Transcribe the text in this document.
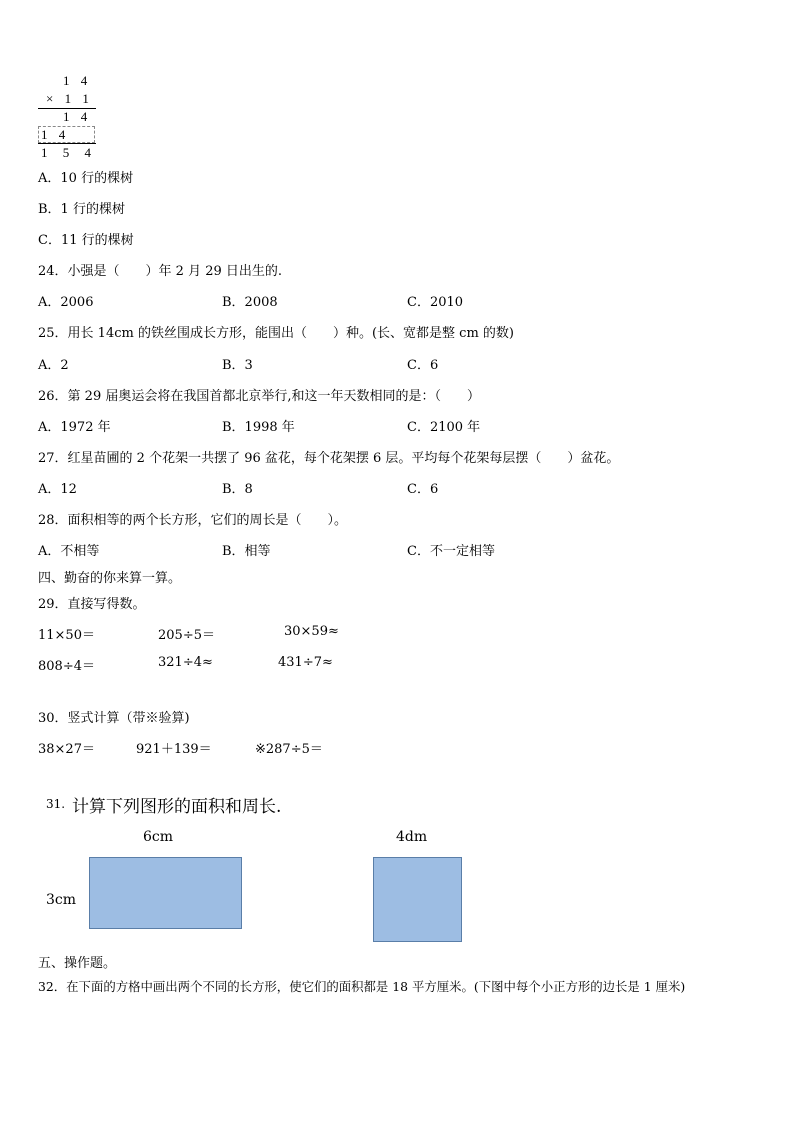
1 4
× 1 1
1 4
1 4
1 5 4
A．10 行的棵树
B．1 行的棵树
C．11 行的棵树
24．小强是（　　）年 2 月 29 日出生的.
A．2006	B．2008	C．2010
25．用长 14cm 的铁丝围成长方形，能围出（　　）种。(长、宽都是整 cm 的数)
A．2	B．3	C．6
26．第 29 届奥运会将在我国首都北京举行,和这一年天数相同的是：（　　）
A．1972 年	B．1998 年	C．2100 年
27．红星苗圃的 2 个花架一共摆了 96 盆花，每个花架摆 6 层。平均每个花架每层摆（　　）盆花。
A．12	B．8	C．6
28．面积相等的两个长方形，它们的周长是（　　）。
A．不相等	B．相等	C．不一定相等
四、勤奋的你来算一算。
29．直接写得数。
11×50＝	205÷5＝	30×59≈
808÷4＝	321÷4≈	431÷7≈
30．竖式计算（带※验算)
38×27＝	921＋139＝	※287÷5＝
31. 计算下列图形的面积和周长.
6cm
3cm
4dm
五、操作题。
32．在下面的方格中画出两个不同的长方形，使它们的面积都是 18 平方厘米。(下图中每个小正方形的边长是 1 厘米)
